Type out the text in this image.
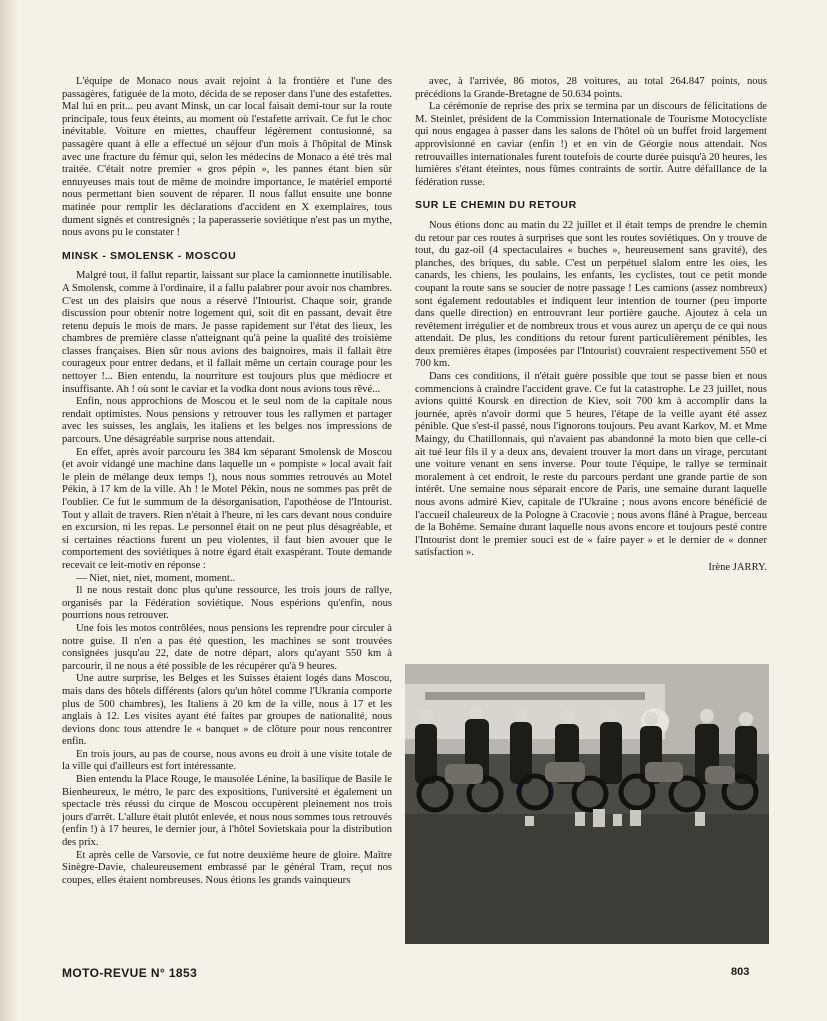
L'équipe de Monaco nous avait rejoint à la frontière et l'une des passagères, fatiguée de la moto, décida de se reposer dans l'une des estafettes. Mal lui en prit... peu avant Minsk, un car local faisait demi-tour sur la route principale, tous feux éteints, au moment où l'estafette arrivait. Ce fut le choc inévitable. Voiture en miettes, chauffeur légèrement contusionné, sa passagère quant à elle a effectué un séjour d'un mois à l'hôpital de Minsk avec une fracture du fémur qui, selon les médecins de Monaco a été très mal traitée. C'était notre premier « gros pépin », les pannes étant bien sûr ennuyeuses mais tout de même de moindre importance, le matériel emporté nous permettant bien souvent de réparer. Il nous fallut ensuite une bonne matinée pour remplir les déclarations d'accident en X exemplaires, tous dument signés et contresignés ; la paperasserie soviétique n'est pas un mythe, nous avons pu le constater !

MINSK - SMOLENSK - MOSCOU

Malgré tout, il fallut repartir, laissant sur place la camionnette inutilisable. A Smolensk, comme à l'ordinaire, il a fallu palabrer pour avoir nos chambres. C'est un des plaisirs que nous a réservé l'Intourist. Chaque soir, grande discussion pour obtenir notre logement qui, soit dit en passant, devait être retenu depuis le mois de mars. Je passe rapidement sur l'état des lieux, les chambres de première classe n'atteignant qu'à peine la qualité des troisième classes françaises. Bien sûr nous avions des baignoires, mais il fallait être courageux pour entrer dedans, et il fallait même un certain courage pour les nettoyer !... Bien entendu, la nourriture est toujours plus que médiocre et insuffisante. Ah ! où sont le caviar et la vodka dont nous avions tous rêvé...

Enfin, nous approchions de Moscou et le seul nom de la capitale nous rendait optimistes. Nous pensions y retrouver tous les rallymen et partager avec les suisses, les anglais, les italiens et les belges nos impressions de parcours. Une désagréable surprise nous attendait.

En effet, après avoir parcouru les 384 km séparant Smolensk de Moscou (et avoir vidangé une machine dans laquelle un « pompiste » local avait fait le plein de mélange deux temps !), nous nous sommes retrouvés au Motel Pékin, à 17 km de la ville. Ah ! le Motel Pékin, nous ne sommes pas prêt de l'oublier. Ce fut le summum de la désorganisation, l'apothéose de l'Intourist. Tout y allait de travers. Rien n'était à l'heure, ni les cars devant nous conduire en excursion, ni les repas. Le personnel était on ne peut plus désagréable, et si certaines réactions furent un peu violentes, il faut bien avouer que le comportement des soviétiques à notre égard était exaspérant. Toute demande recevait ce leit-motiv en réponse :

— Niet, niet, niet, moment, moment..

Il ne nous restait donc plus qu'une ressource, les trois jours de rallye, organisés par la Fédération soviétique. Nous espérions qu'enfin, nous pourrions nous retrouver.

Une fois les motos contrôlées, nous pensions les reprendre pour circuler à notre guise. Il n'en a pas été question, les machines se sont trouvées consignées jusqu'au 22, date de notre départ, alors qu'ayant 550 km à parcourir, il ne nous a été possible de les récupérer qu'à 9 heures.

Une autre surprise, les Belges et les Suisses étaient logés dans Moscou, mais dans des hôtels différents (alors qu'un hôtel comme l'Ukrania comporte plus de 500 chambres), les Italiens à 20 km de la ville, nous à 17 et les anglais à 12. Les visites ayant été faites par groupes de nationalité, nous devions donc tous attendre le « banquet » de clôture pour nous rencontrer enfin.

En trois jours, au pas de course, nous avons eu droit à une visite totale de la ville qui d'ailleurs est fort intéressante.

Bien entendu la Place Rouge, le mausolée Lénine, la basilique de Basile le Bienheureux, le métro, le parc des expositions, l'université et également un spectacle très réussi du cirque de Moscou occupèrent pleinement nos trois jours d'arrêt. L'allure était plutôt enlevée, et nous nous sommes tous retrouvés (enfin !) à 17 heures, le dernier jour, à l'hôtel Sovietskaia pour la distribution des prix.

Et après celle de Varsovie, ce fut notre deuxième heure de gloire. Maître Sinègre-Davie, chaleureusement embrassé par le général Tram, reçut nos coupes, elles étaient nombreuses. Nous étions les grands vainqueurs

avec, à l'arrivée, 86 motos, 28 voitures, au total 264.847 points, nous précédions la Grande-Bretagne de 50.634 points.

La cérémonie de reprise des prix se termina par un discours de félicitations de M. Steinlet, président de la Commission Internationale de Tourisme Motocycliste qui nous engagea à passer dans les salons de l'hôtel où un buffet froid largement approvisionné en caviar (enfin !) et en vin de Géorgie nous attendait. Nos retrouvailles internationales furent toutefois de courte durée puisqu'à 20 heures, les lumières s'étant éteintes, nous fûmes contraints de sortir. Autre défaillance de la fédération russe.

SUR LE CHEMIN DU RETOUR

Nous étions donc au matin du 22 juillet et il était temps de prendre le chemin du retour par ces routes à surprises que sont les routes soviétiques. On y trouve de tout, du gaz-oil (4 spectaculaires « buches », heureusement sans gravité), des planches, des briques, du sable. C'est un perpétuel slalom entre les oies, les canards, les chiens, les poulains, les enfants, les cyclistes, tout ce petit monde coupant la route sans se soucier de notre passage ! Les camions (assez nombreux) sont également redoutables et indiquent leur intention de tourner (peu importe dans quelle direction) en entrouvrant leur portière gauche. Ajoutez à cela un revêtement irrégulier et de nombreux trous et vous aurez un aperçu de ce qui nous attendait. De plus, les conditions du retour furent particulièrement pénibles, les deux premières étapes (imposées par l'Intourist) couvraient respectivement 550 et 700 km.

Dans ces conditions, il n'était guère possible que tout se passe bien et nous commencions à craindre l'accident grave. Ce fut la catastrophe. Le 23 juillet, nous avions quitté Koursk en direction de Kiev, soit 700 km à accomplir dans la journée, après n'avoir dormi que 5 heures, l'étape de la veille ayant été assez pénible. Que s'est-il passé, nous l'ignorons toujours. Peu avant Karkov, M. et Mme Maingy, du Chatillonnais, qui n'avaient pas abandonné la moto bien que celle-ci ait tué leur fils il y a deux ans, devaient trouver la mort dans un virage, percutant une voiture venant en sens inverse. Pour toute l'équipe, le rallye se terminait moralement à cet endroit, le reste du parcours perdant une grande partie de son intérêt. Une semaine nous séparait encore de Paris, une semaine durant laquelle nous avons admiré Kiev, capitale de l'Ukraine ; nous avons encore bénéficié de l'accueil chaleureux de la Pologne à Cracovie ; nous avons flâné à Prague, berceau de la Bohême. Semaine durant laquelle nous avons encore et toujours pesté contre l'Intourist dont le premier souci est de « faire payer » et le dernier de « donner satisfaction ».

Irène JARRY.
MOTO-REVUE N° 1853	803
